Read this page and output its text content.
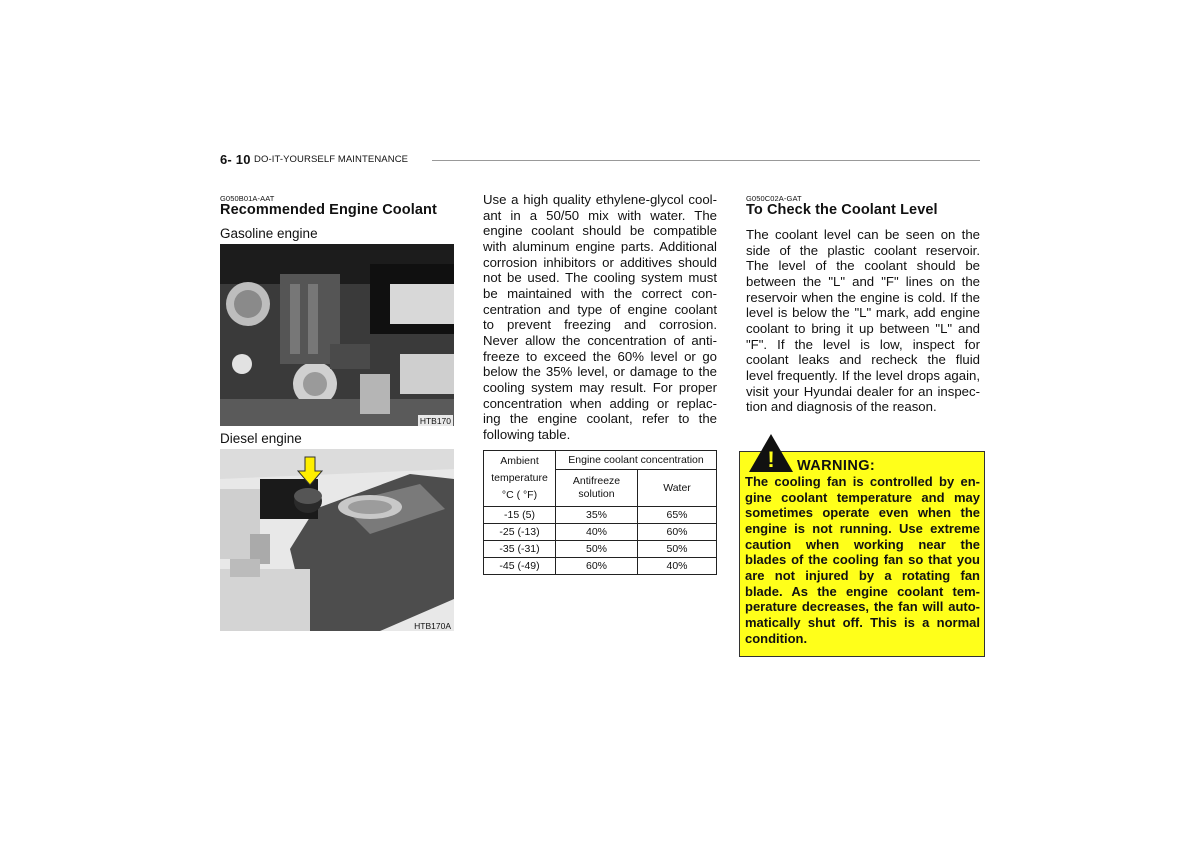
6- 10 DO-IT-YOURSELF MAINTENANCE
G050B01A-AAT
Recommended Engine Coolant
Gasoline engine
HTB170
Diesel engine
HTB170A
Use a high quality ethylene-glycol cool-
ant in a 50/50 mix with water. The
engine coolant should be compatible
with aluminum engine parts. Additional
corrosion inhibitors or additives should
not be used. The cooling system must
be maintained with the correct con-
centration and type of engine coolant
to prevent freezing and corrosion.
Never allow the concentration of anti-
freeze to exceed the 60% level or go
below the 35% level, or damage to the
cooling system may result. For proper
concentration when adding or replac-
ing the engine coolant, refer to the
following table.
Ambient
temperature
°C ( °F)	Engine coolant concentration	
	Antifreeze
solution	Water
-15 (5)	35%	65%
-25 (-13)	40%	60%
-35 (-31)	50%	50%
-45 (-49)	60%	40%
G050C02A-GAT
To Check the Coolant Level
The coolant level can be seen on the
side of the plastic coolant reservoir.
The level of the coolant should be
between the "L" and "F" lines on the
reservoir when the engine is cold. If the
level is below the "L" mark, add engine
coolant to bring it up between "L" and
"F". If the level is low, inspect for
coolant leaks and recheck the fluid
level frequently. If the level drops again,
visit your Hyundai dealer for an inspec-
tion and diagnosis of the reason.
! WARNING:
The cooling fan is controlled by en-
gine coolant temperature and may
sometimes operate even when the
engine is not running. Use extreme
caution when working near the
blades of the cooling fan so that you
are not injured by a rotating fan
blade. As the engine coolant tem-
perature decreases, the fan will auto-
matically shut off. This is a normal
condition.
